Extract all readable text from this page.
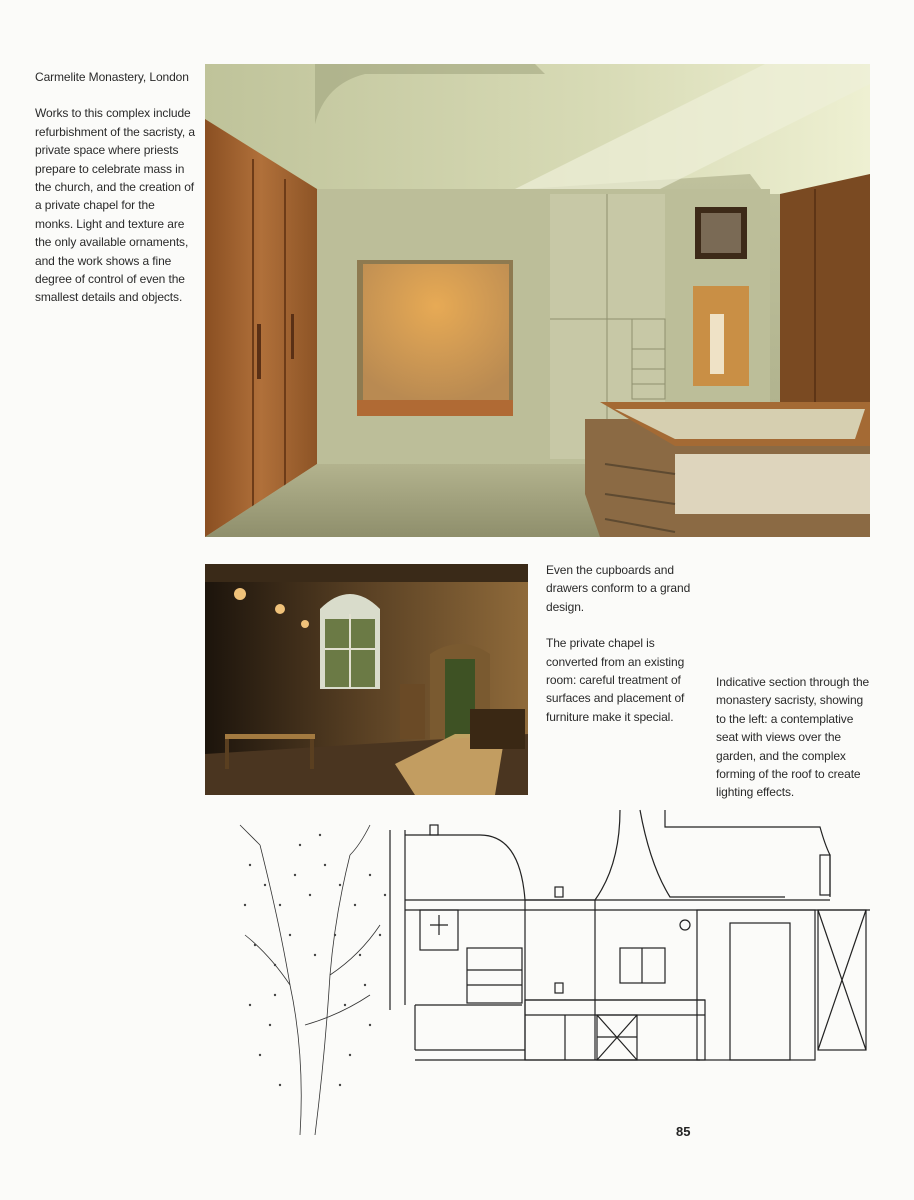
Carmelite Monastery, London

Works to this complex include refurbishment of the sacristy, a private space where priests prepare to celebrate mass in the church, and the creation of a private chapel for the monks. Light and texture are the only available ornaments, and the work shows a fine degree of control of even the smallest details and objects.

Even the cupboards and drawers conform to a grand design.

The private chapel is converted from an existing room: careful treatment of surfaces and placement of furniture make it special.

Indicative section through the monastery sacristy, showing to the left: a contemplative seat with views over the garden, and the complex forming of the roof to create lighting effects.

85
